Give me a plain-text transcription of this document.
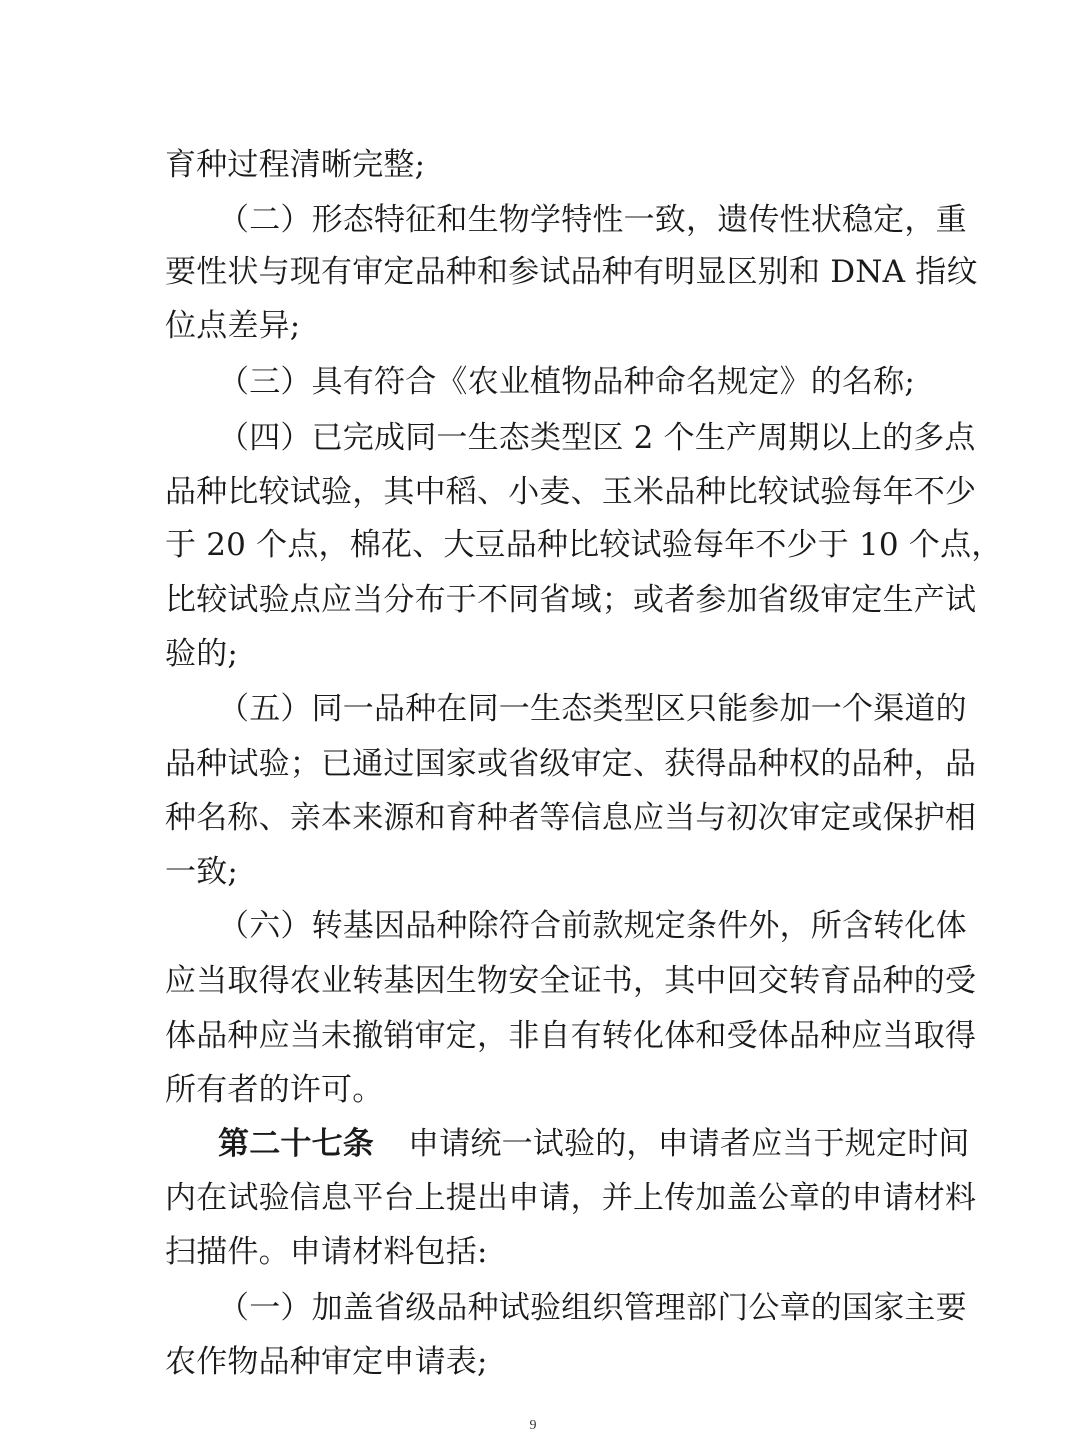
育种过程清晰完整;
（二）形态特征和生物学特性一致，遗传性状稳定，重
要性状与现有审定品种和参试品种有明显区别和 DNA 指纹
位点差异;
（三）具有符合《农业植物品种命名规定》的名称;
（四）已完成同一生态类型区 2 个生产周期以上的多点
品种比较试验，其中稻、小麦、玉米品种比较试验每年不少
于 20 个点，棉花、大豆品种比较试验每年不少于 10 个点，
比较试验点应当分布于不同省域；或者参加省级审定生产试
验的;
（五）同一品种在同一生态类型区只能参加一个渠道的
品种试验；已通过国家或省级审定、获得品种权的品种，品
种名称、亲本来源和育种者等信息应当与初次审定或保护相
一致;
（六）转基因品种除符合前款规定条件外，所含转化体
应当取得农业转基因生物安全证书，其中回交转育品种的受
体品种应当未撤销审定，非自有转化体和受体品种应当取得
所有者的许可。
第二十七条 申请统一试验的，申请者应当于规定时间
内在试验信息平台上提出申请，并上传加盖公章的申请材料
扫描件。申请材料包括:
（一）加盖省级品种试验组织管理部门公章的国家主要
农作物品种审定申请表;
9
